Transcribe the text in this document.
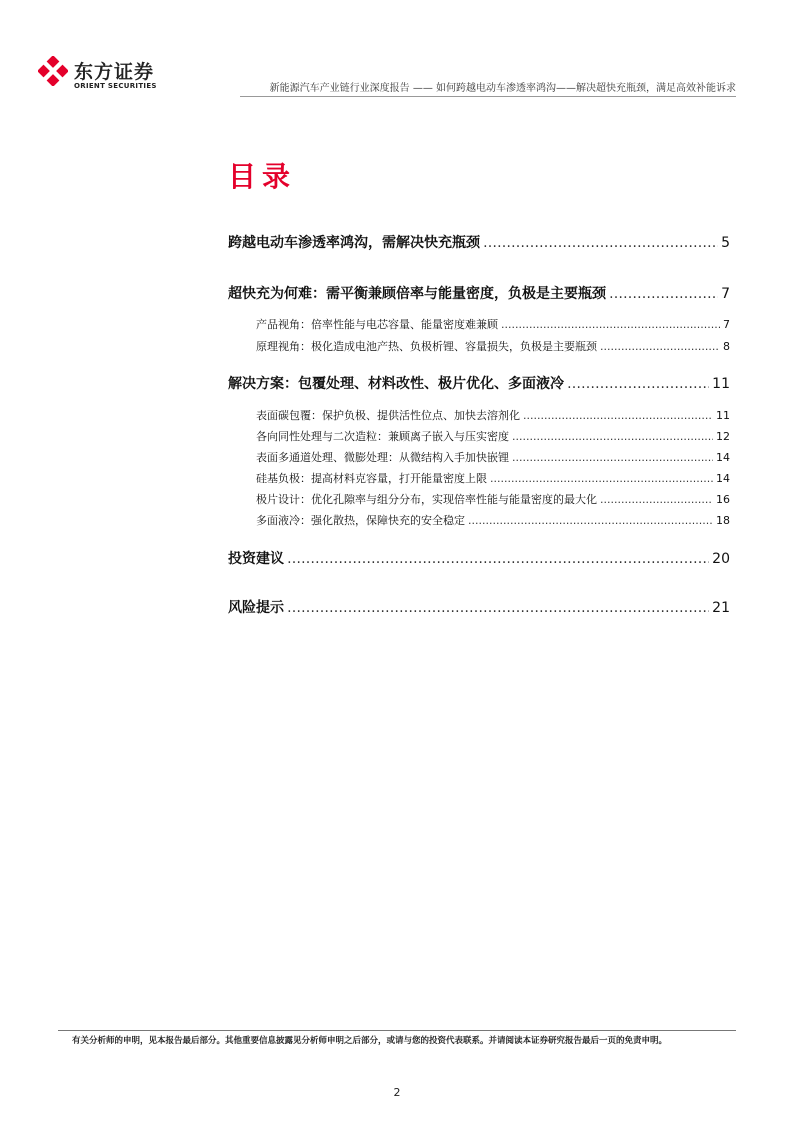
东方证券
ORIENT SECURITIES	新能源汽车产业链行业深度报告 —— 如何跨越电动车渗透率鸿沟——解决超快充瓶颈，满足高效补能诉求
目录
跨越电动车渗透率鸿沟，需解决快充瓶颈 …………………………………………………………………………………………………………………………………………………………	5
超快充为何难：需平衡兼顾倍率与能量密度，负极是主要瓶颈 …………………………………………………………………………………………………………………………………………………………	7
产品视角：倍率性能与电芯容量、能量密度难兼顾 .....	7
原理视角：极化造成电池产热、负极析锂、容量损失，负极是主要瓶颈 .....	8
解决方案：包覆处理、材料改性、极片优化、多面液冷 …………………………………………………………………………………………………………………………………………………………	11
表面碳包覆：保护负极、提供活性位点、加快去溶剂化 .....	11
各向同性处理与二次造粒：兼顾离子嵌入与压实密度 .....	12
表面多通道处理、微膨处理：从微结构入手加快嵌锂 .....	14
硅基负极：提高材料克容量，打开能量密度上限 .....	14
极片设计：优化孔隙率与组分分布，实现倍率性能与能量密度的最大化 .....	16
多面液冷：强化散热，保障快充的安全稳定 .....	18
投资建议 …………………………………………………………………………………………………………………………………………………………	20
风险提示 …………………………………………………………………………………………………………………………………………………………	21
有关分析师的申明，见本报告最后部分。其他重要信息披露见分析师申明之后部分，或请与您的投资代表联系。并请阅读本证券研究报告最后一页的免责申明。
2
